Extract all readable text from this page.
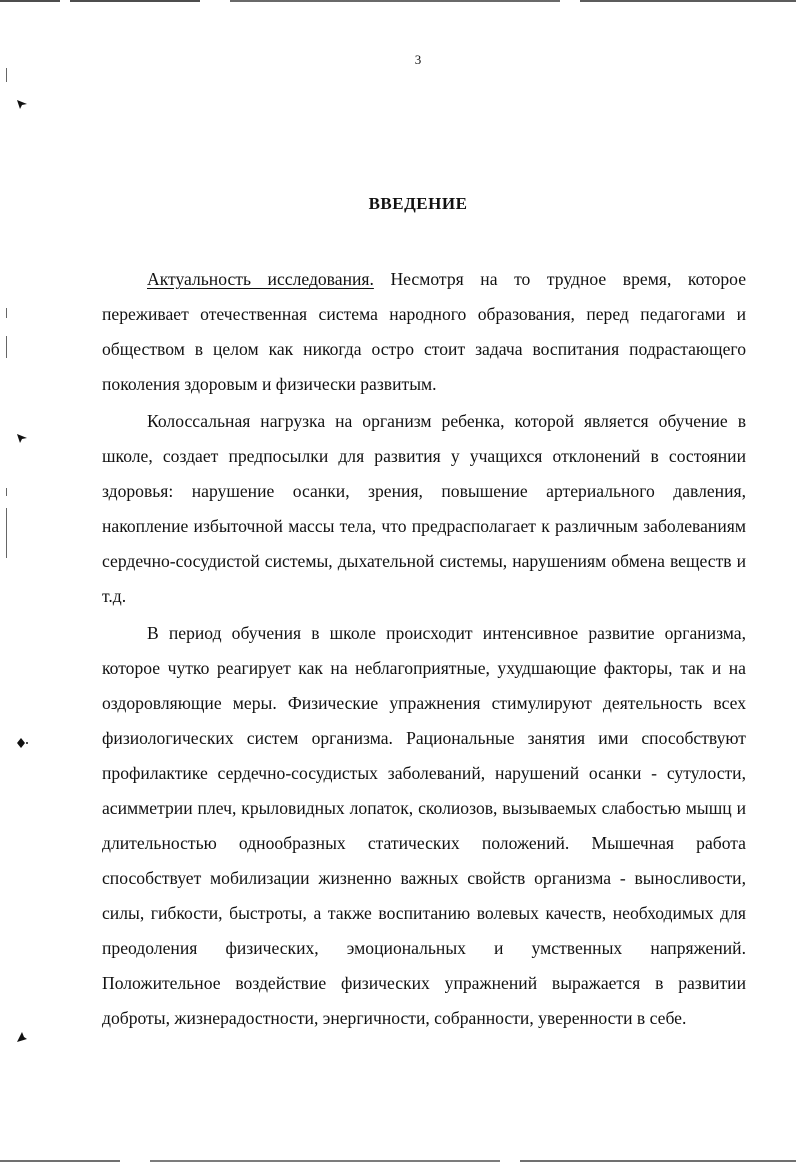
3
ВВЕДЕНИЕ

Актуальность исследования. Несмотря на то трудное время, которое переживает отечественная система народного образования, перед педагогами и обществом в целом как никогда остро стоит задача воспитания подрастающего поколения здоровым и физически развитым.

Колоссальная нагрузка на организм ребенка, которой является обучение в школе, создает предпосылки для развития у учащихся отклонений в состоянии здоровья: нарушение осанки, зрения, повышение артериального давления, накопление избыточной массы тела, что предрасполагает к различным заболеваниям сердечно-сосудистой системы, дыхательной системы, нарушениям обмена веществ и т.д.

В период обучения в школе происходит интенсивное развитие организма, которое чутко реагирует как на неблагоприятные, ухудшающие факторы, так и на оздоровляющие меры. Физические упражнения стимулируют деятельность всех физиологических систем организма. Рациональные занятия ими способствуют профилактике сердечно-сосудистых заболеваний, нарушений осанки - сутулости, асимметрии плеч, крыловидных лопаток, сколиозов, вызываемых слабостью мышц и длительностью однообразных статических положений. Мышечная работа способствует мобилизации жизненно важных свойств организма - выносливости, силы, гибкости, быстроты, а также воспитанию волевых качеств, необходимых для преодоления физических, эмоциональных и умственных напряжений. Положительное воздействие физических упражнений выражается в развитии доброты, жизнерадостности, энергичности, собранности, уверенности в себе.
